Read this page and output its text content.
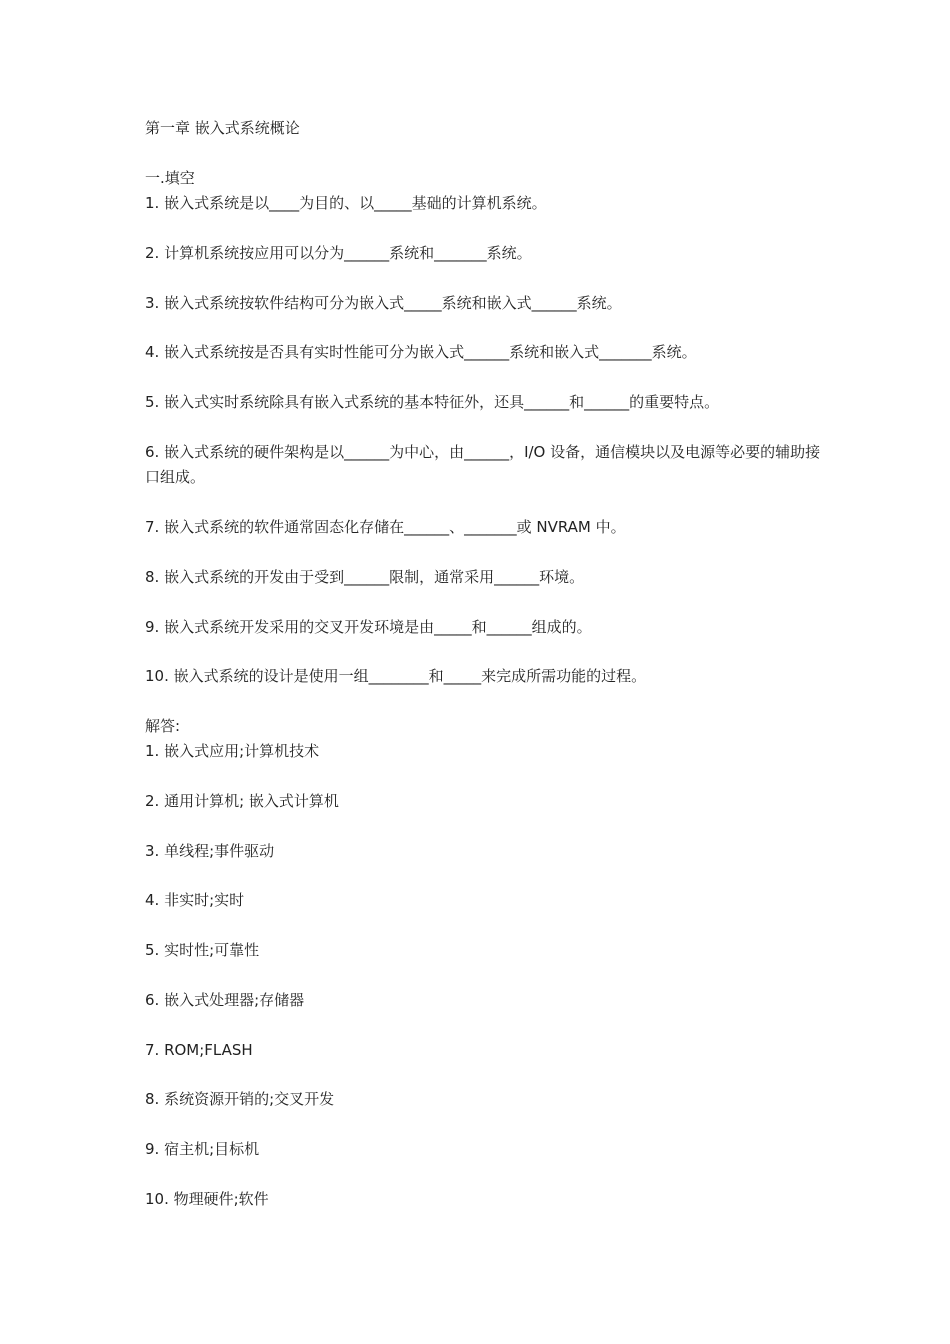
第一章 嵌入式系统概论
一.填空
1. 嵌入式系统是以____为目的、以_____基础的计算机系统。
2. 计算机系统按应用可以分为______系统和_______系统。
3. 嵌入式系统按软件结构可分为嵌入式_____系统和嵌入式______系统。
4. 嵌入式系统按是否具有实时性能可分为嵌入式______系统和嵌入式_______系统。
5. 嵌入式实时系统除具有嵌入式系统的基本特征外，还具______和______的重要特点。
6. 嵌入式系统的硬件架构是以______为中心，由______，I/O 设备，通信模块以及电源等必要的辅助接口组成。
7. 嵌入式系统的软件通常固态化存储在______、_______或 NVRAM 中。
8. 嵌入式系统的开发由于受到______限制，通常采用______环境。
9. 嵌入式系统开发采用的交叉开发环境是由_____和______组成的。
10. 嵌入式系统的设计是使用一组________和_____来完成所需功能的过程。
解答:
1. 嵌入式应用;计算机技术
2. 通用计算机; 嵌入式计算机
3. 单线程;事件驱动
4. 非实时;实时
5. 实时性;可靠性
6. 嵌入式处理器;存储器
7. ROM;FLASH
8. 系统资源开销的;交叉开发
9. 宿主机;目标机
10. 物理硬件;软件
